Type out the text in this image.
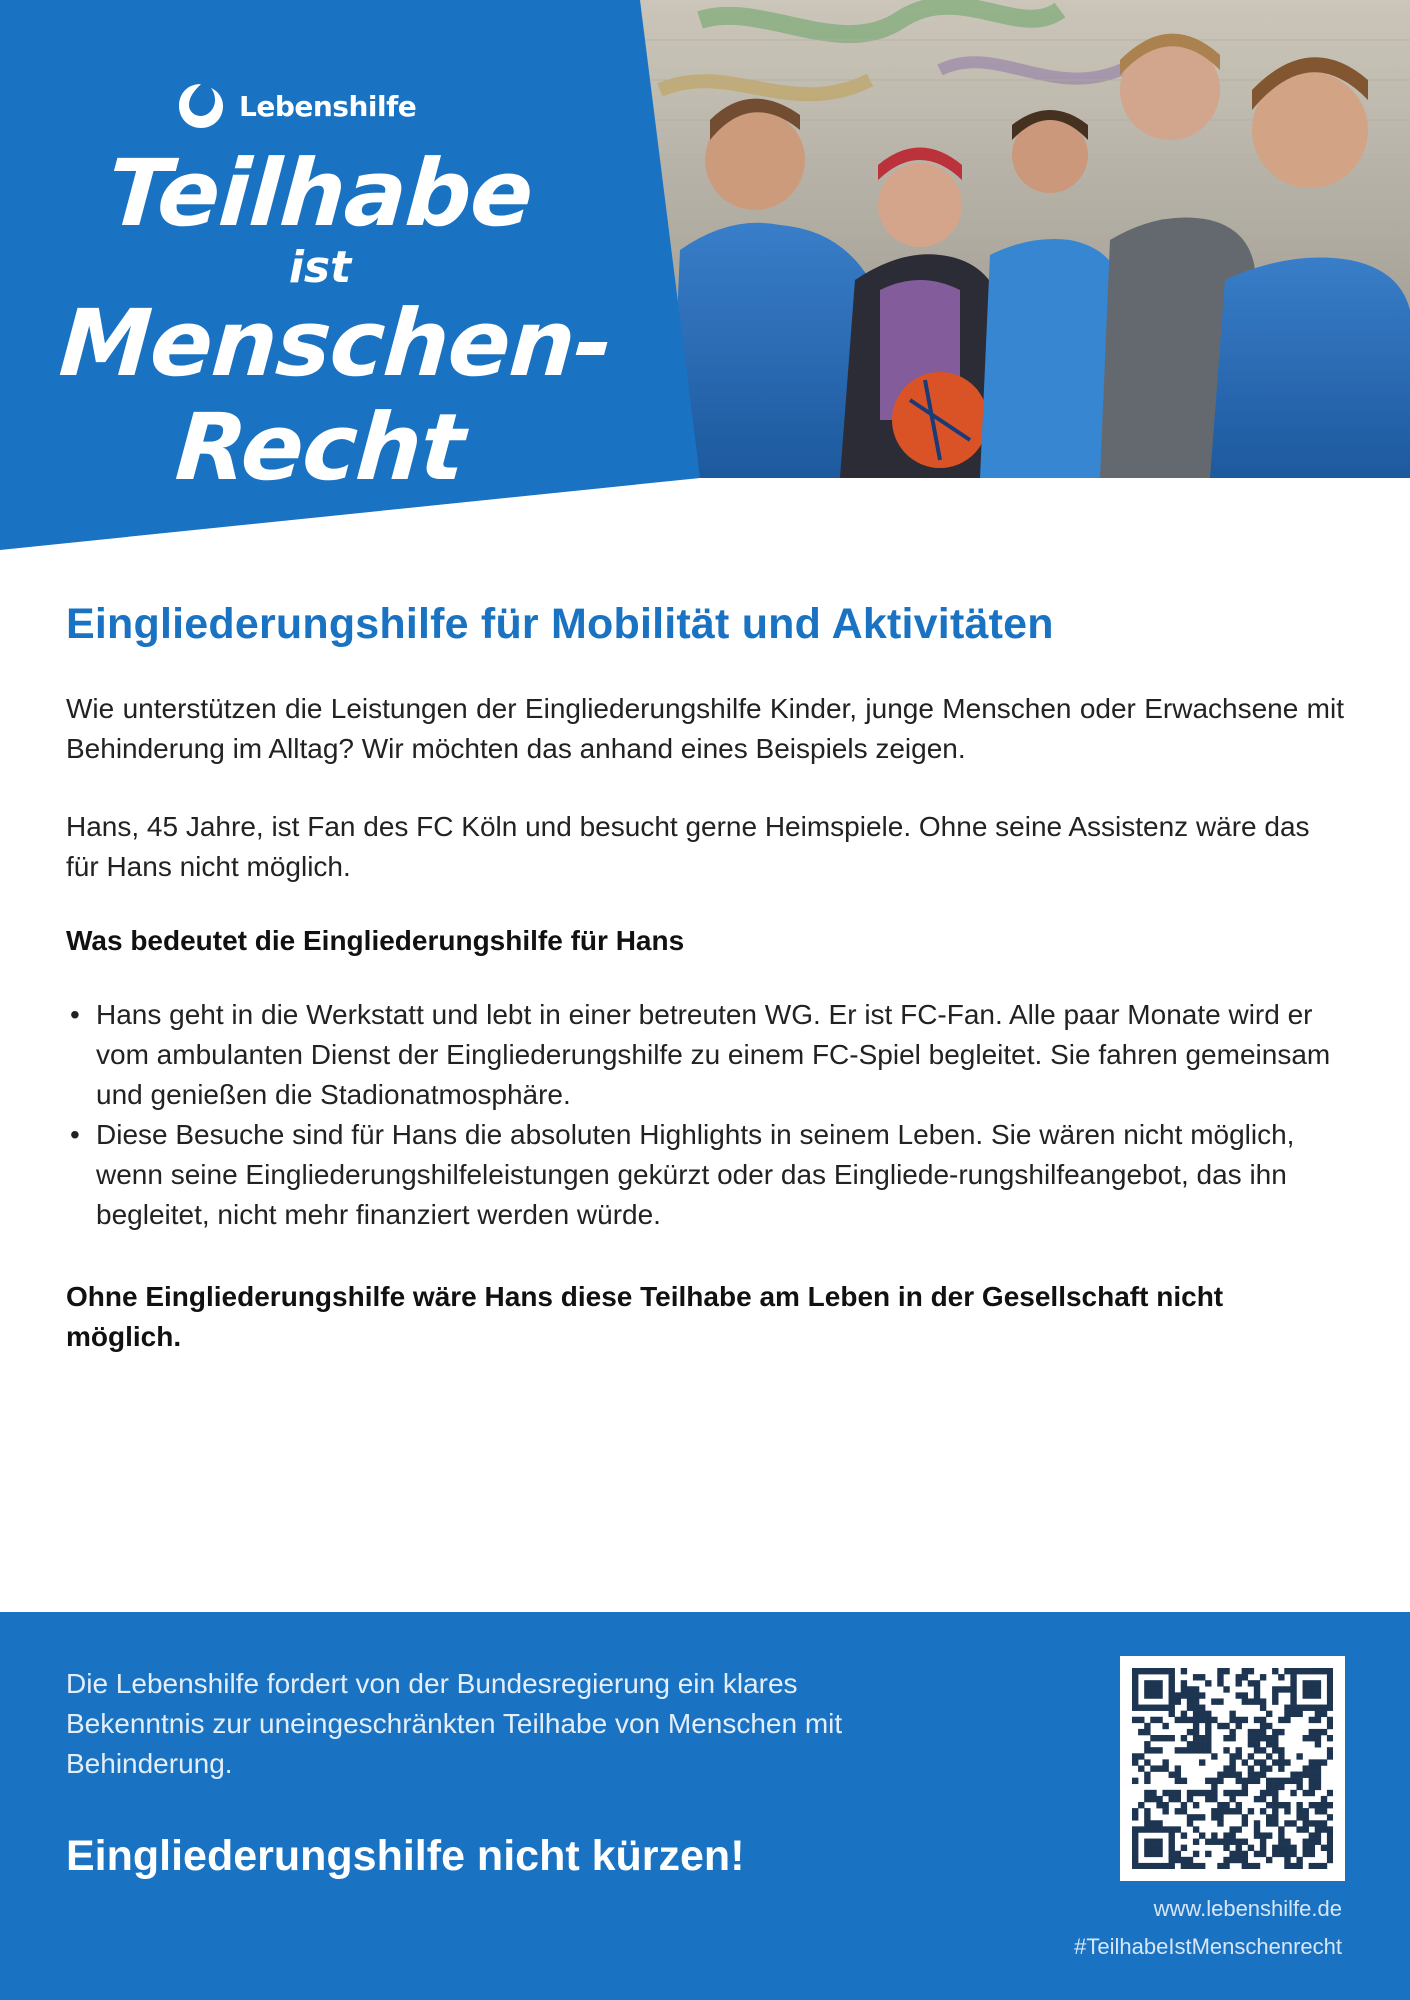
Lebenshilfe
Teilhabe
ist
Menschen-
Recht
Eingliederungshilfe für Mobilität und Aktivitäten

Wie unterstützen die Leistungen der Eingliederungshilfe Kinder, junge Menschen oder Erwachsene mit Behinderung im Alltag? Wir möchten das anhand eines Beispiels zeigen.

Hans, 45 Jahre, ist Fan des FC Köln und besucht gerne Heimspiele. Ohne seine Assistenz wäre das für Hans nicht möglich.

Was bedeutet die Eingliederungshilfe für Hans
• Hans geht in die Werkstatt und lebt in einer betreuten WG. Er ist FC-Fan. Alle paar Monate wird er vom ambulanten Dienst der Eingliederungshilfe zu einem FC-Spiel begleitet. Sie fahren gemeinsam und genießen die Stadionatmosphäre.
• Diese Besuche sind für Hans die absoluten Highlights in seinem Leben. Sie wären nicht möglich, wenn seine Eingliederungshilfeleistungen gekürzt oder das Eingliede-rungshilfeangebot, das ihn begleitet, nicht mehr finanziert werden würde.
Ohne Eingliederungshilfe wäre Hans diese Teilhabe am Leben in der Gesellschaft nicht möglich.
Die Lebenshilfe fordert von der Bundesregierung ein klares Bekenntnis zur uneingeschränkten Teilhabe von Menschen mit Behinderung.
Eingliederungshilfe nicht kürzen!
www.lebenshilfe.de
#TeilhabeIstMenschenrecht
